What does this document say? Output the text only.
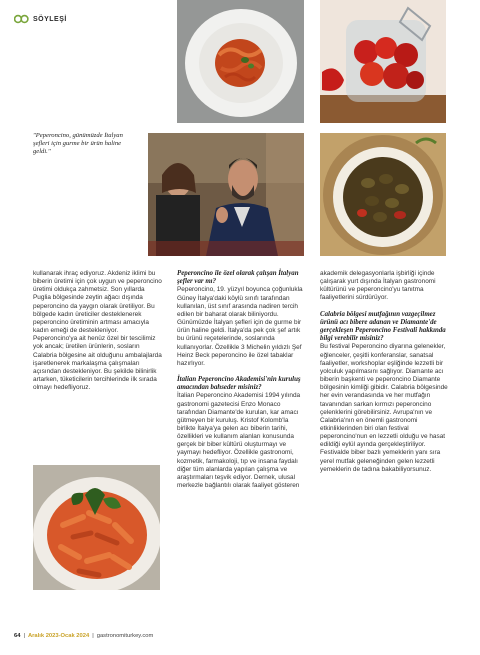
SÖYLEŞİ
"Peperoncino, günümüzde İtalyan şefleri için gurme bir ürün haline geldi."

kullanarak ihraç ediyoruz. Akdeniz iklimi bu biberin üretimi için çok uygun ve peperoncino üretimi oldukça zahmetsiz. Son yıllarda Puglia bölgesinde zeytin ağacı dışında peperoncino da yaygın olarak üretiliyor. Bu bölgede kadın üreticiler desteklenerek peperoncino üretiminin artması amacıyla kadın emeği de destekleniyor. Peperoncino'ya ait henüz özel bir tescilimiz yok ancak; üretilen ürünlerin, sosların Calabria bölgesine ait olduğunu ambalajlarda işaretlenerek markalaşma çalışmaları açısından destekleniyor. Bu şekilde bilinirlik artarken, tüketicilerin tercihlerinde ilk sırada olmayı hedefliyoruz.

Peperoncino ile özel olarak çalışan İtalyan şefler var mı?

Peperoncino, 19. yüzyıl boyunca çoğunlukla Güney İtalya'daki köylü sınıfı tarafından kullanılan, üst sınıf arasında nadiren tercih edilen bir baharat olarak biliniyordu. Günümüzde İtalyan şefleri için de gurme bir ürün haline geldi. İtalya'da pek çok şef artık bu ürünü reçetelerinde, soslarında kullanıyorlar. Özellikle 3 Michelin yıldızlı Şef Heinz Beck peperoncino ile özel tabaklar hazırlıyor.

İtalian Peperoncino Akademisi'nin kuruluş amacından bahseder misiniz?

İtalian Peperoncino Akademisi 1994 yılında gastronomi gazetecisi Enzo Monaco tarafından Diamante'de kurulan, kar amacı gütmeyen bir kuruluş. Kristof Kolomb'la birlikte İtalya'ya gelen acı biberin tarihi, özellikleri ve kullanım alanları konusunda gerçek bir biber kültürü oluşturmayı ve yaymayı hedefliyor. Özellikle gastronomi, kozmetik, farmakoloji, tıp ve insana faydalı diğer tüm alanlarda yapılan çalışma ve araştırmaları teşvik ediyor. Dernek, ulusal merkezle bağlantılı olarak faaliyet gösteren

akademik delegasyonlarla işbirliği içinde çalışarak yurt dışında İtalyan gastronomi kültürünü ve peperoncino'yu tanıtma faaliyetlerini sürdürüyor.

Calabria bölgesi mutfağının vazgeçilmez ürünü acı bibere adanan ve Diamante'de gerçekleşen Peperoncino Festivali hakkında bilgi verebilir misiniz?

Bu festival Peperoncino diyarına gelenekler, eğlenceler, çeşitli konferanslar, sanatsal faaliyetler, workshoplar eşliğinde lezzetli bir yolculuk yapılmasını sağlıyor. Diamante acı biberin başkenti ve peperoncino Diamante bölgesinin kimliği gibidir. Calabria bölgesinde her evin verandasında ve her mutfağın tavanından sarkan kırmızı peperoncino çelenklerini görebilirsiniz. Avrupa'nın ve Calabria'nın en önemli gastronomi etkinliklerinden biri olan festival peperoncino'nun en lezzetli olduğu ve hasat edildiği eylül ayında gerçekleştiriliyor. Festivalde biber bazlı yemeklerin yanı sıra yerel mutfak geleneğinden gelen lezzetli yemeklerin de tadına bakabiliyorsunuz.

64 | Aralık 2023-Ocak 2024 | gastronomiturkey.com
